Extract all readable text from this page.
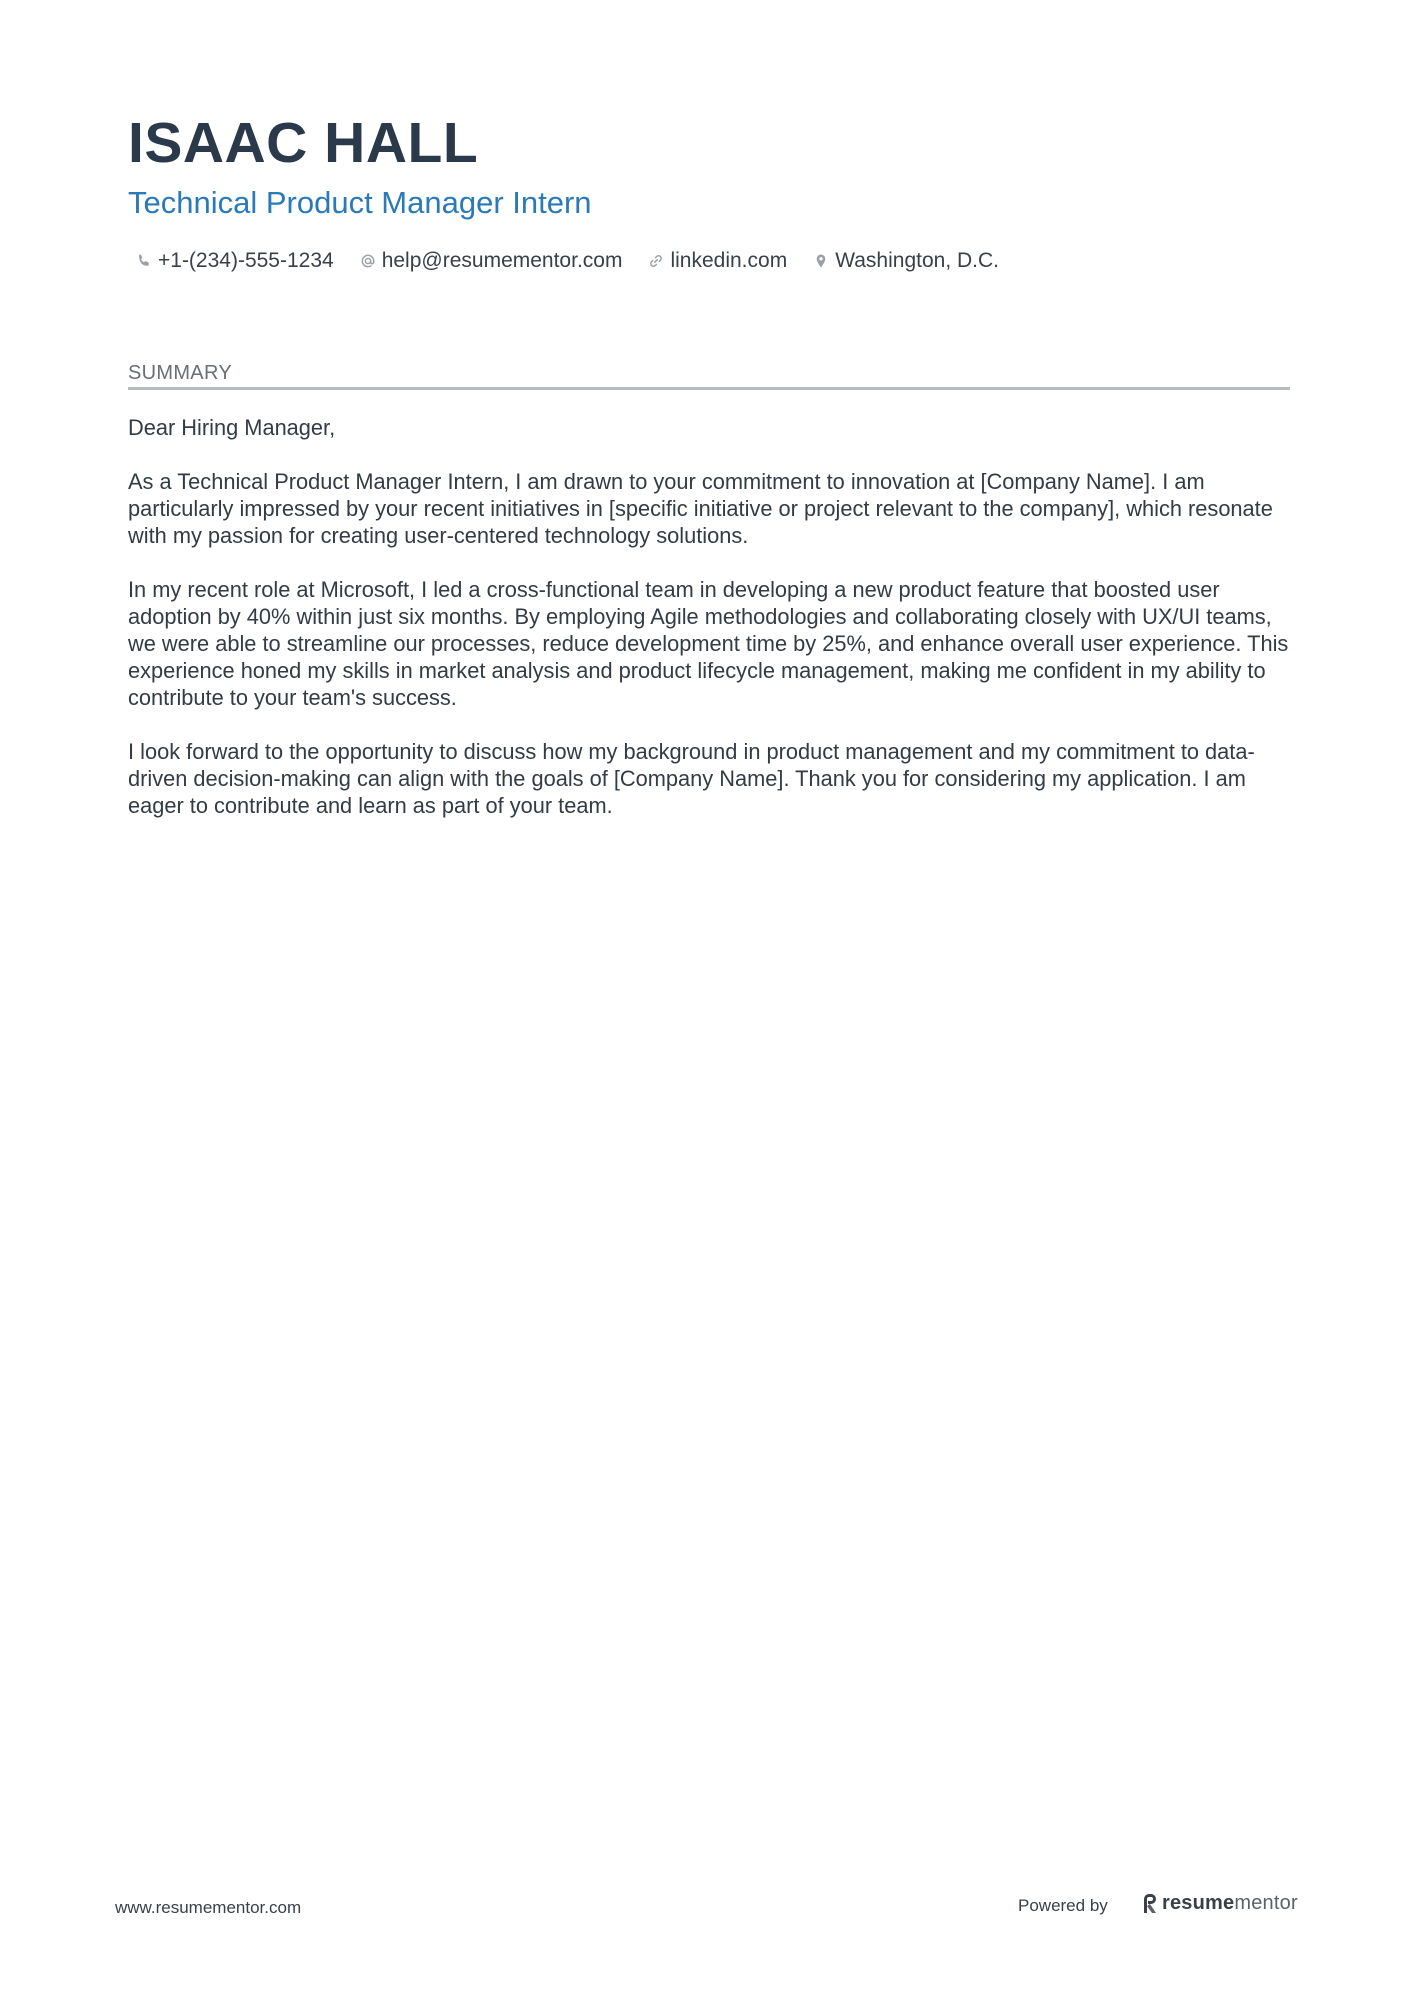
ISAAC HALL
Technical Product Manager Intern
+1-(234)-555-1234 help@resumementor.com linkedin.com Washington, D.C.
SUMMARY

Dear Hiring Manager,

As a Technical Product Manager Intern, I am drawn to your commitment to innovation at [Company Name]. I am particularly impressed by your recent initiatives in [specific initiative or project relevant to the company], which resonate with my passion for creating user-centered technology solutions.

In my recent role at Microsoft, I led a cross-functional team in developing a new product feature that boosted user adoption by 40% within just six months. By employing Agile methodologies and collaborating closely with UX/UI teams, we were able to streamline our processes, reduce development time by 25%, and enhance overall user experience. This experience honed my skills in market analysis and product lifecycle management, making me confident in my ability to contribute to your team's success.

I look forward to the opportunity to discuss how my background in product management and my commitment to data-driven decision-making can align with the goals of [Company Name]. Thank you for considering my application. I am eager to contribute and learn as part of your team.

www.resumementor.com	Powered by	resume mentor
